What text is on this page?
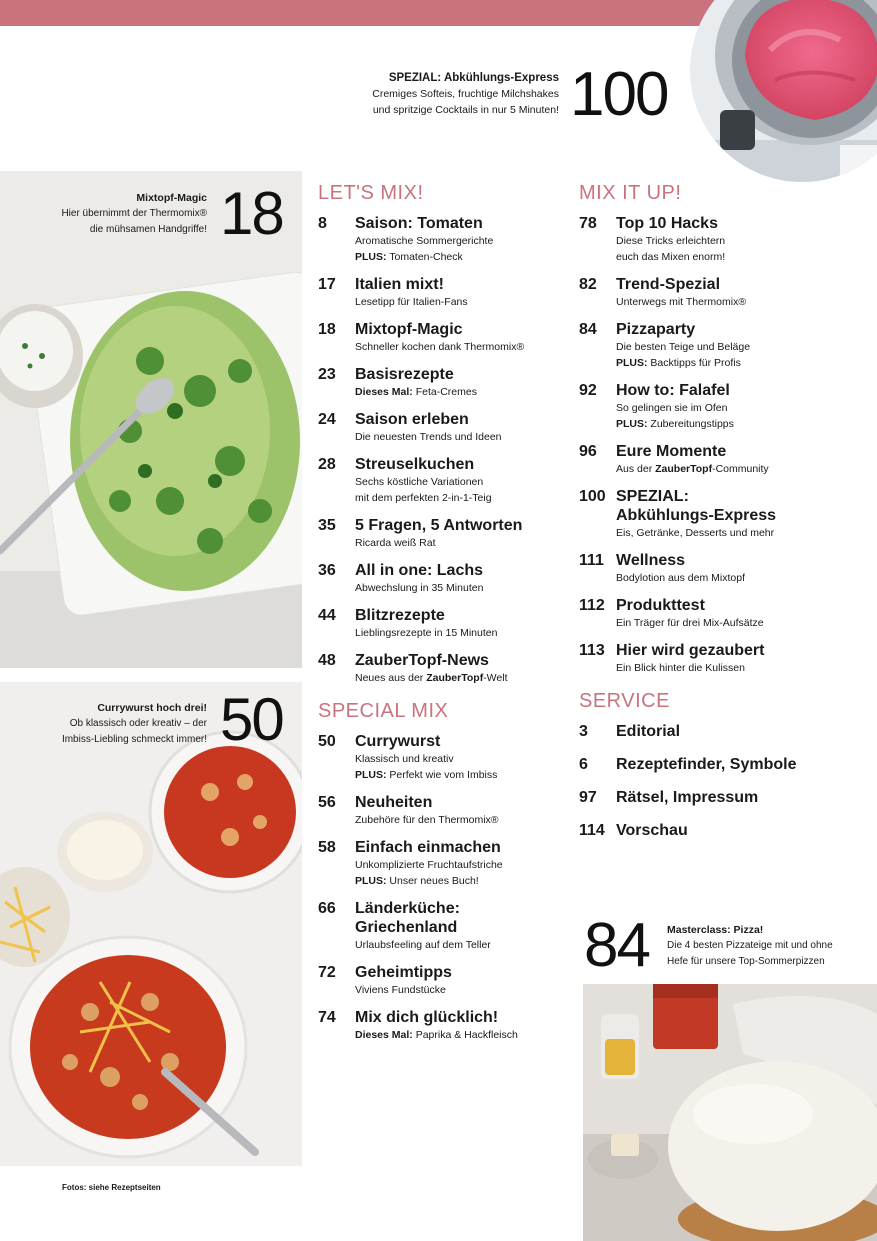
SPEZIAL: Abkühlungs-Express
Cremiges Softeis, fruchtige Milchshakes
und spritzige Cocktails in nur 5 Minuten! 100
Mixtopf-Magic
Hier übernimmt der Thermomix®
die mühsamen Handgriffe! 18
Currywurst hoch drei!
Ob klassisch oder kreativ – der
Imbiss-Liebling schmeckt immer! 50
Fotos: siehe Rezeptseiten
LET'S MIX!
8	Saison: Tomaten
Aromatische Sommergerichte
PLUS: Tomaten-Check
17	Italien mixt!
Lesetipp für Italien-Fans
18	Mixtopf-Magic
Schneller kochen dank Thermomix®
23	Basisrezepte
Dieses Mal: Feta-Cremes
24	Saison erleben
Die neuesten Trends und Ideen
28	Streuselkuchen
Sechs köstliche Variationen
mit dem perfekten 2-in-1-Teig
35	5 Fragen, 5 Antworten
Ricarda weiß Rat
36	All in one: Lachs
Abwechslung in 35 Minuten
44	Blitzrezepte
Lieblingsrezepte in 15 Minuten
48	ZauberTopf-News
Neues aus der ZauberTopf-Welt
SPECIAL MIX
50	Currywurst
Klassisch und kreativ
PLUS: Perfekt wie vom Imbiss
56	Neuheiten
Zubehöre für den Thermomix®
58	Einfach einmachen
Unkomplizierte Fruchtaufstriche
PLUS: Unser neues Buch!
66	Länderküche:
Griechenland
Urlaubsfeeling auf dem Teller
72	Geheimtipps
Viviens Fundstücke
74	Mix dich glücklich!
Dieses Mal: Paprika & Hackfleisch
MIX IT UP!
78	Top 10 Hacks
Diese Tricks erleichtern
euch das Mixen enorm!
82	Trend-Spezial
Unterwegs mit Thermomix®
84	Pizzaparty
Die besten Teige und Beläge
PLUS: Backtipps für Profis
92	How to: Falafel
So gelingen sie im Ofen
PLUS: Zubereitungstipps
96	Eure Momente
Aus der ZauberTopf-Community
100 SPEZIAL:
Abkühlungs-Express
Eis, Getränke, Desserts und mehr
111 Wellness
Bodylotion aus dem Mixtopf
112 Produkttest
Ein Träger für drei Mix-Aufsätze
113 Hier wird gezaubert
Ein Blick hinter die Kulissen
SERVICE
3	Editorial
6	Rezeptefinder, Symbole
97	Rätsel, Impressum
114 Vorschau
84 Masterclass: Pizza!
Die 4 besten Pizzateige mit und ohne
Hefe für unsere Top-Sommerpizzen
